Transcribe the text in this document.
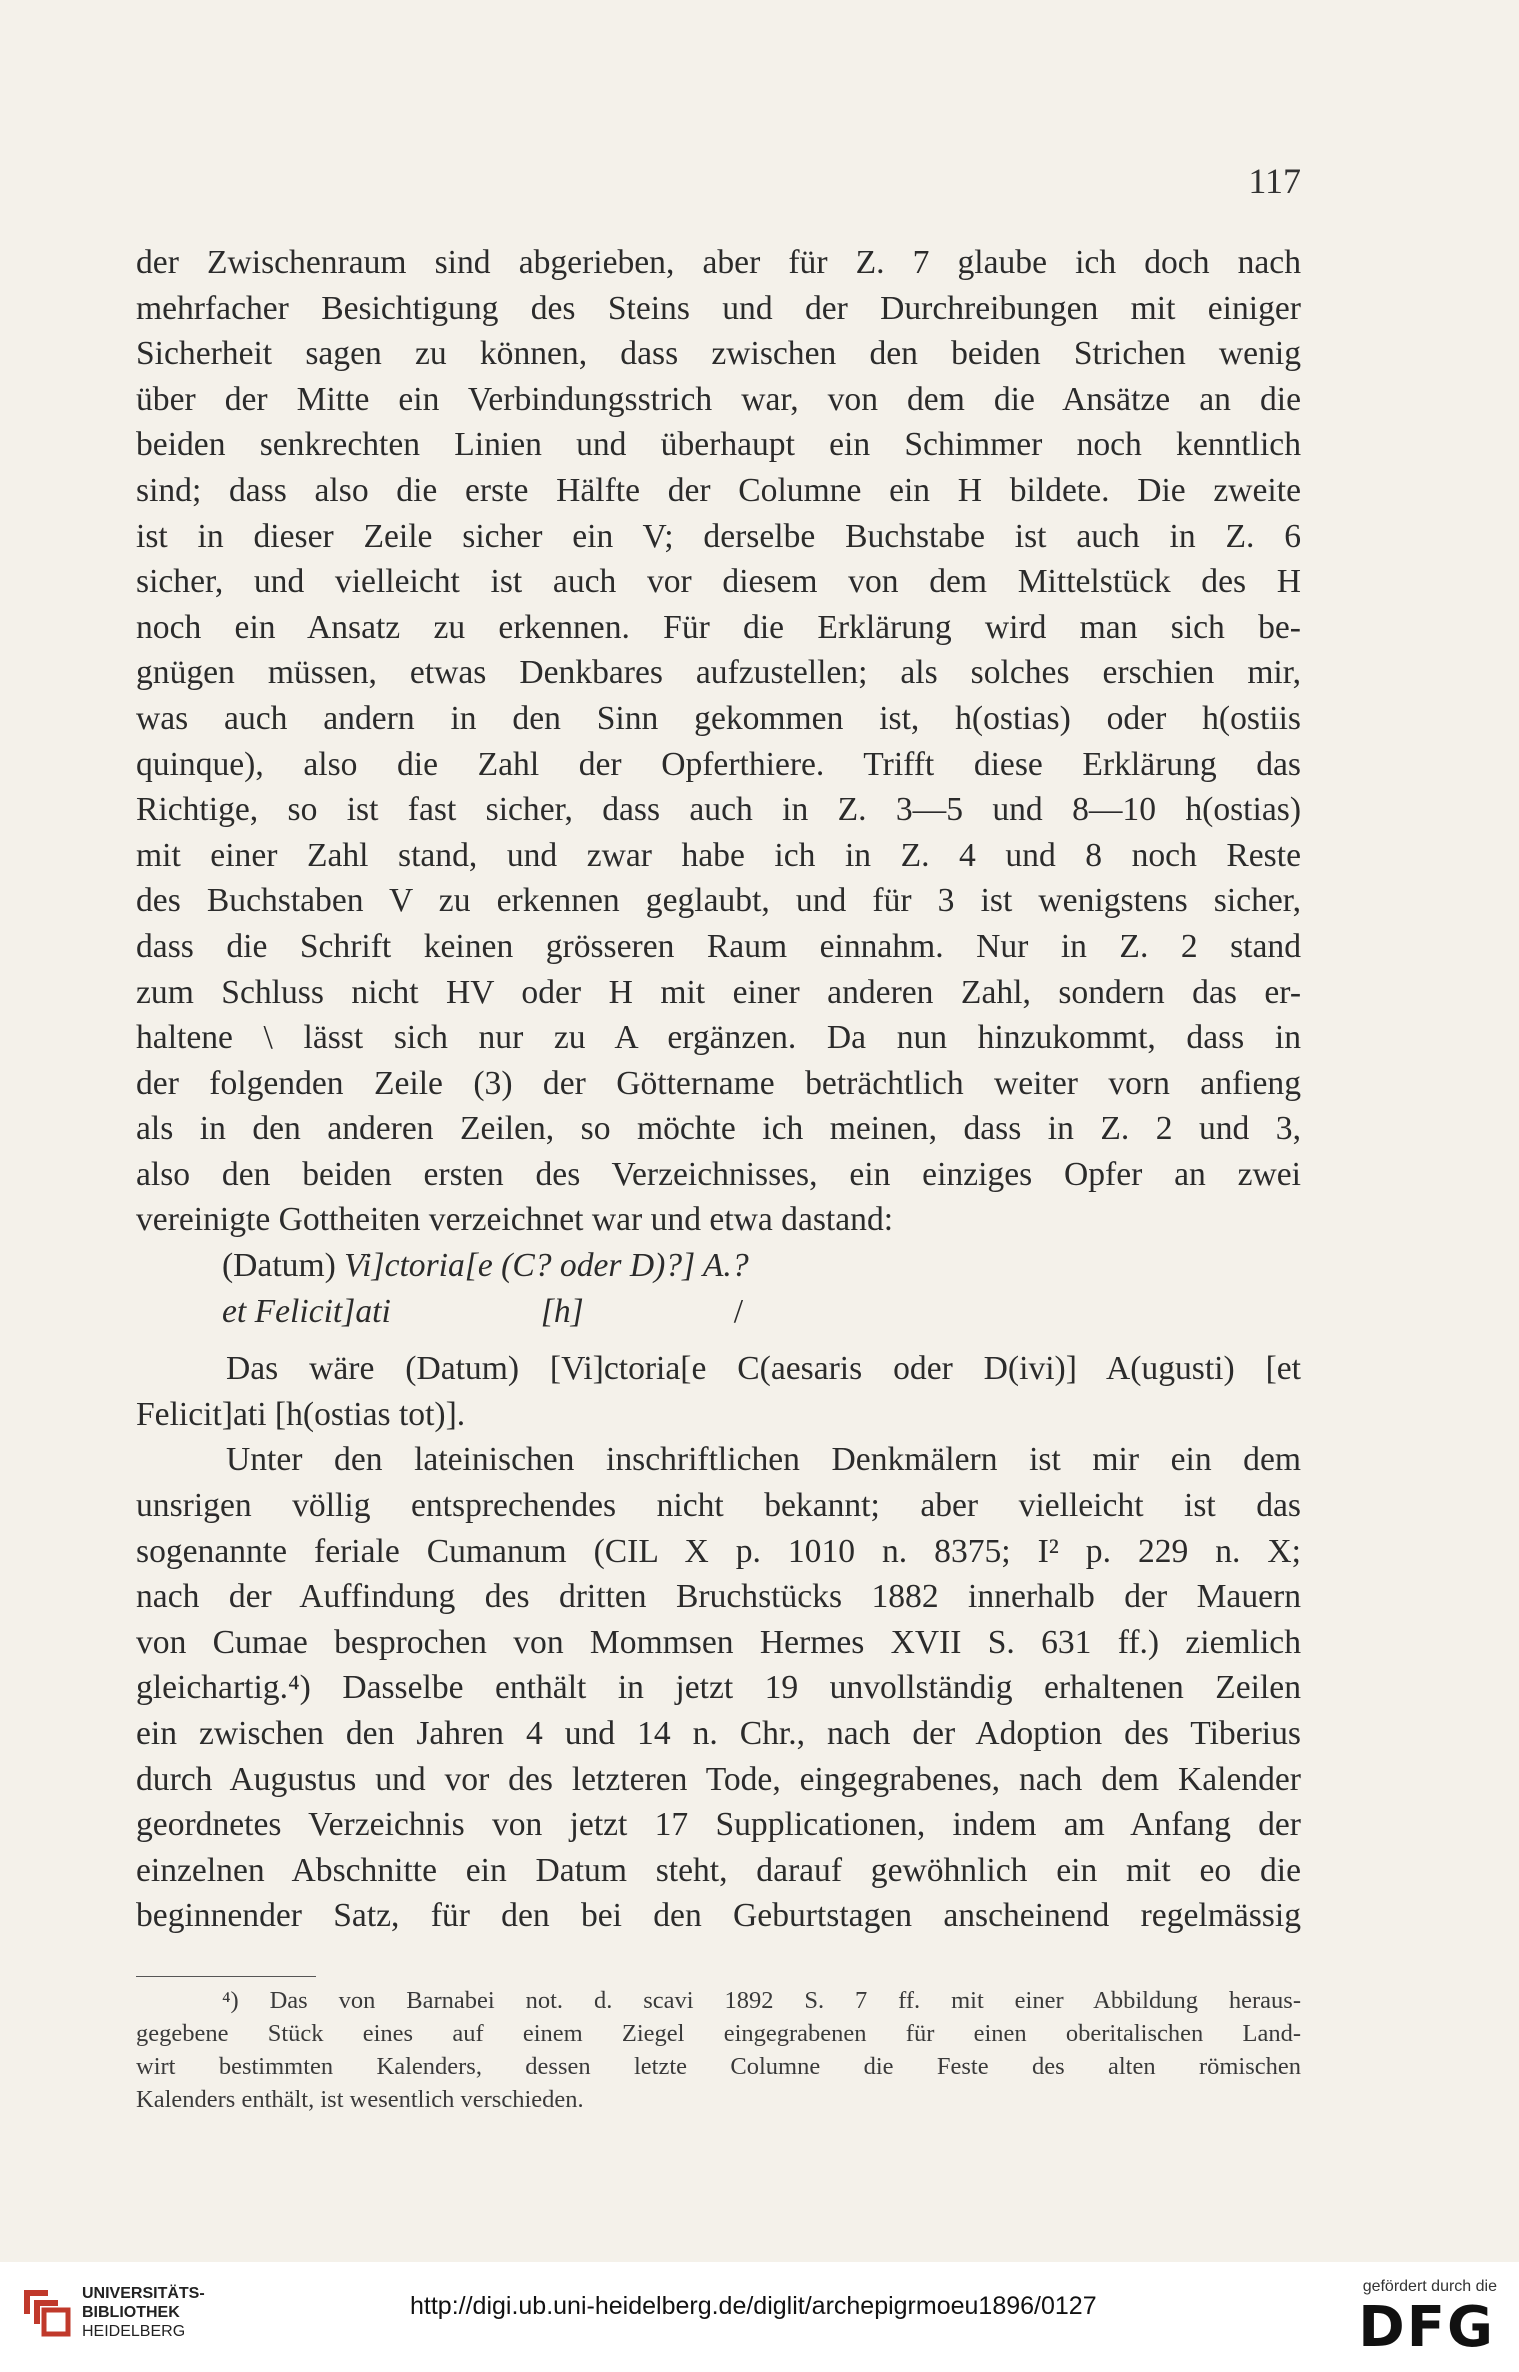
117
der Zwischenraum sind abgerieben, aber für Z. 7 glaube ich doch nach
mehrfacher Besichtigung des Steins und der Durchreibungen mit einiger
Sicherheit sagen zu können, dass zwischen den beiden Strichen wenig
über der Mitte ein Verbindungsstrich war, von dem die Ansätze an die
beiden senkrechten Linien und überhaupt ein Schimmer noch kenntlich
sind; dass also die erste Hälfte der Columne ein H bildete. Die zweite
ist in dieser Zeile sicher ein V; derselbe Buchstabe ist auch in Z. 6
sicher, und vielleicht ist auch vor diesem von dem Mittelstück des H
noch ein Ansatz zu erkennen. Für die Erklärung wird man sich be-
gnügen müssen, etwas Denkbares aufzustellen; als solches erschien mir,
was auch andern in den Sinn gekommen ist, h(ostias) oder h(ostiis
quinque), also die Zahl der Opferthiere. Trifft diese Erklärung das
Richtige, so ist fast sicher, dass auch in Z. 3—5 und 8—10 h(ostias)
mit einer Zahl stand, und zwar habe ich in Z. 4 und 8 noch Reste
des Buchstaben V zu erkennen geglaubt, und für 3 ist wenigstens sicher,
dass die Schrift keinen grösseren Raum einnahm. Nur in Z. 2 stand
zum Schluss nicht HV oder H mit einer anderen Zahl, sondern das er-
haltene \ lässt sich nur zu A ergänzen. Da nun hinzukommt, dass in
der folgenden Zeile (3) der Göttername beträchtlich weiter vorn anfieng
als in den anderen Zeilen, so möchte ich meinen, dass in Z. 2 und 3,
also den beiden ersten des Verzeichnisses, ein einziges Opfer an zwei
vereinigte Gottheiten verzeichnet war und etwa dastand:
(Datum) Vi]ctoria[e (C? oder D)?] A.?
et Felicit]ati	[h]	/
Das wäre (Datum) [Vi]ctoria[e C(aesaris oder D(ivi)] A(ugusti) [et
Felicit]ati [h(ostias tot)].
Unter den lateinischen inschriftlichen Denkmälern ist mir ein dem
unsrigen völlig entsprechendes nicht bekannt; aber vielleicht ist das
sogenannte feriale Cumanum (CIL X p. 1010 n. 8375; I² p. 229 n. X;
nach der Auffindung des dritten Bruchstücks 1882 innerhalb der Mauern
von Cumae besprochen von Mommsen Hermes XVII S. 631 ff.) ziemlich
gleichartig.⁴) Dasselbe enthält in jetzt 19 unvollständig erhaltenen Zeilen
ein zwischen den Jahren 4 und 14 n. Chr., nach der Adoption des Tiberius
durch Augustus und vor des letzteren Tode, eingegrabenes, nach dem Kalender
geordnetes Verzeichnis von jetzt 17 Supplicationen, indem am Anfang der
einzelnen Abschnitte ein Datum steht, darauf gewöhnlich ein mit eo die
beginnender Satz, für den bei den Geburtstagen anscheinend regelmässig
⁴) Das von Barnabei not. d. scavi 1892 S. 7 ff. mit einer Abbildung heraus-
gegebene Stück eines auf einem Ziegel eingegrabenen für einen oberitalischen Land-
wirt bestimmten Kalenders, dessen letzte Columne die Feste des alten römischen
Kalenders enthält, ist wesentlich verschieden.
UNIVERSITÄTS-
BIBLIOTHEK
HEIDELBERG
http://digi.ub.uni-heidelberg.de/diglit/archepigrmoeu1896/0127
gefördert durch die
DFG
